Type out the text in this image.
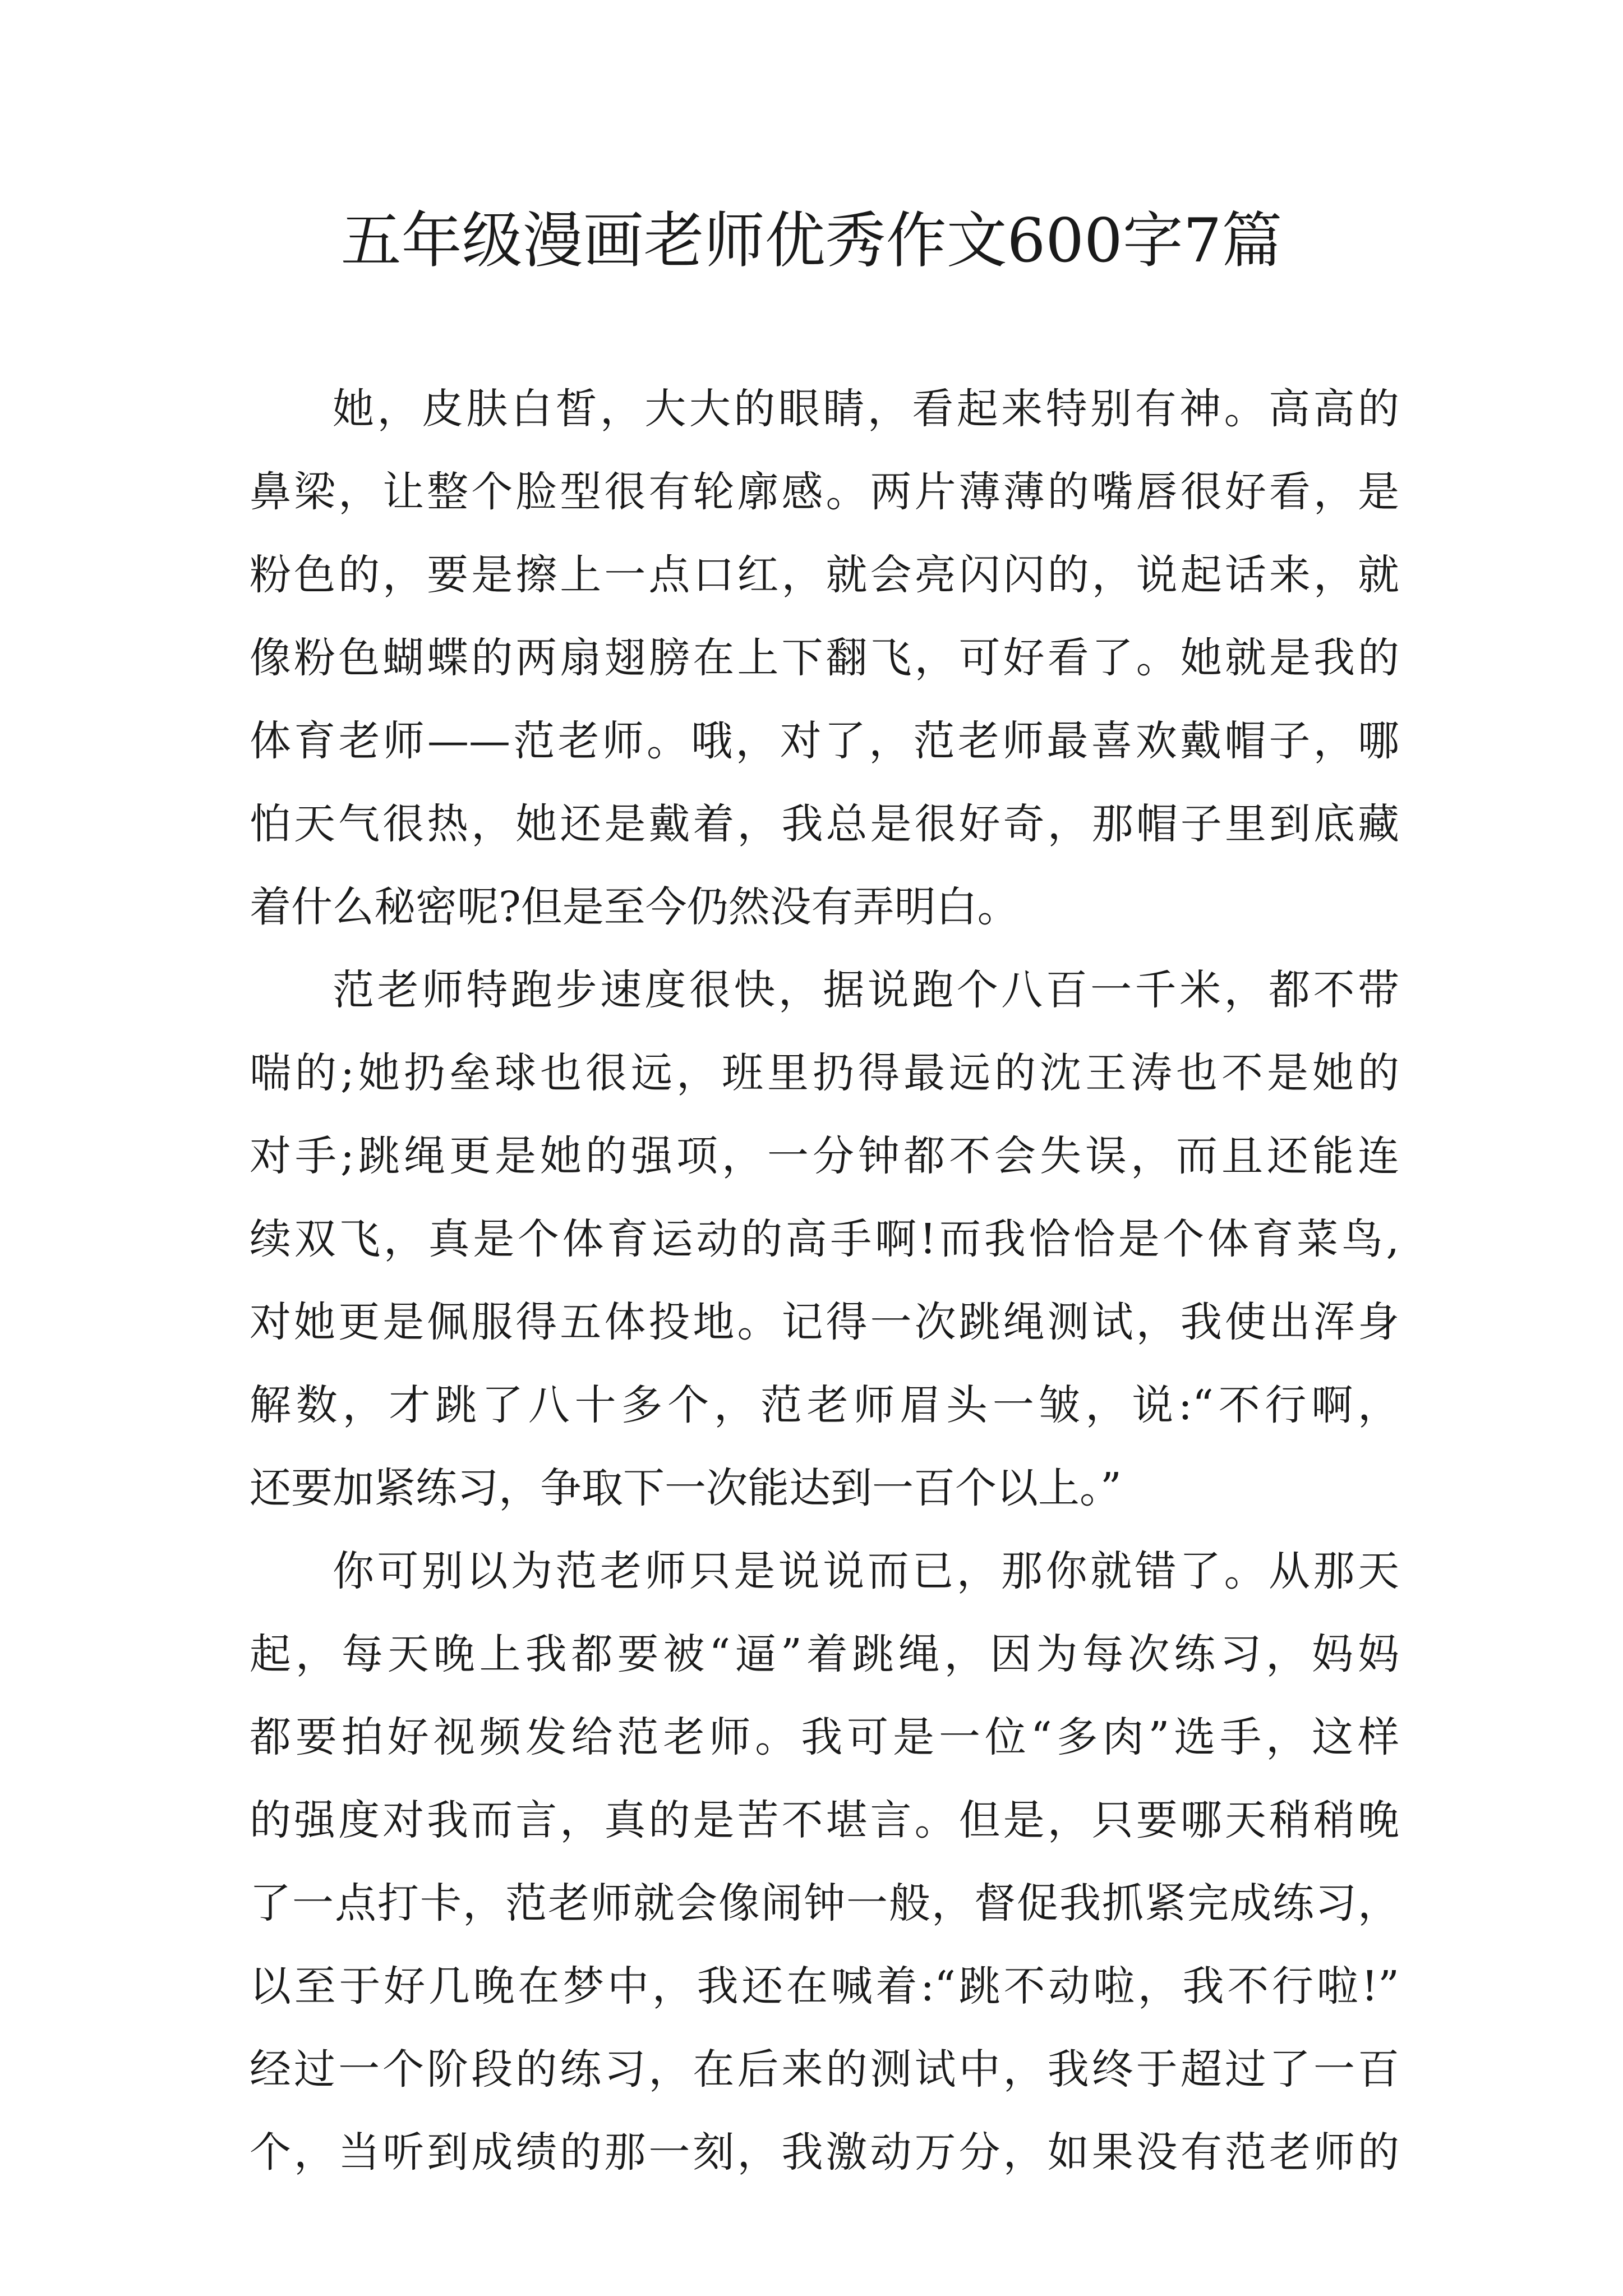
五年级漫画老师优秀作文600字7篇
她，皮肤白皙，大大的眼睛，看起来特别有神。高高的
鼻梁，让整个脸型很有轮廓感。两片薄薄的嘴唇很好看，是
粉色的，要是擦上一点口红，就会亮闪闪的，说起话来，就
像粉色蝴蝶的两扇翅膀在上下翻飞，可好看了。她就是我的
体育老师——范老师。哦，对了，范老师最喜欢戴帽子，哪
怕天气很热，她还是戴着，我总是很好奇，那帽子里到底藏
着什么秘密呢?但是至今仍然没有弄明白。
范老师特跑步速度很快，据说跑个八百一千米，都不带
喘的;她扔垒球也很远，班里扔得最远的沈王涛也不是她的
对手;跳绳更是她的强项，一分钟都不会失误，而且还能连
续双飞，真是个体育运动的高手啊!而我恰恰是个体育菜鸟,
对她更是佩服得五体投地。记得一次跳绳测试，我使出浑身
解数，才跳了八十多个，范老师眉头一皱，说:“不行啊，
还要加紧练习，争取下一次能达到一百个以上。”
你可别以为范老师只是说说而已，那你就错了。从那天
起，每天晚上我都要被“逼”着跳绳，因为每次练习，妈妈
都要拍好视频发给范老师。我可是一位“多肉”选手，这样
的强度对我而言，真的是苦不堪言。但是，只要哪天稍稍晚
了一点打卡，范老师就会像闹钟一般，督促我抓紧完成练习，
以至于好几晚在梦中，我还在喊着:“跳不动啦，我不行啦!”
经过一个阶段的练习，在后来的测试中，我终于超过了一百
个，当听到成绩的那一刻，我激动万分，如果没有范老师的
